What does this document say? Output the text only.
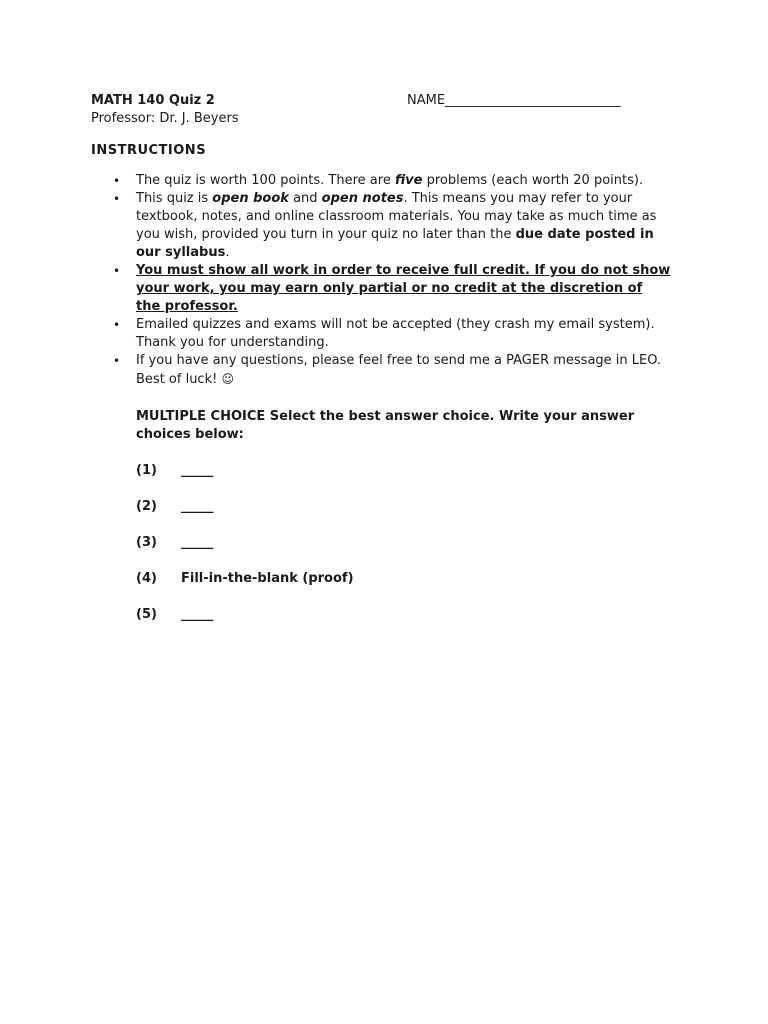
MATH 140 Quiz 2	NAME___________________________
Professor: Dr. J. Beyers
INSTRUCTIONS
• The quiz is worth 100 points. There are five problems (each worth 20 points).
• This quiz is open book and open notes. This means you may refer to your textbook, notes, and online classroom materials. You may take as much time as you wish, provided you turn in your quiz no later than the due date posted in our syllabus.
• You must show all work in order to receive full credit. If you do not show your work, you may earn only partial or no credit at the discretion of the professor.
• Emailed quizzes and exams will not be accepted (they crash my email system). Thank you for understanding.
• If you have any questions, please feel free to send me a PAGER message in LEO. Best of luck! ☺
MULTIPLE CHOICE Select the best answer choice. Write your answer choices below:
(1) _____
(2) _____
(3) _____
(4) Fill-in-the-blank (proof)
(5) _____
